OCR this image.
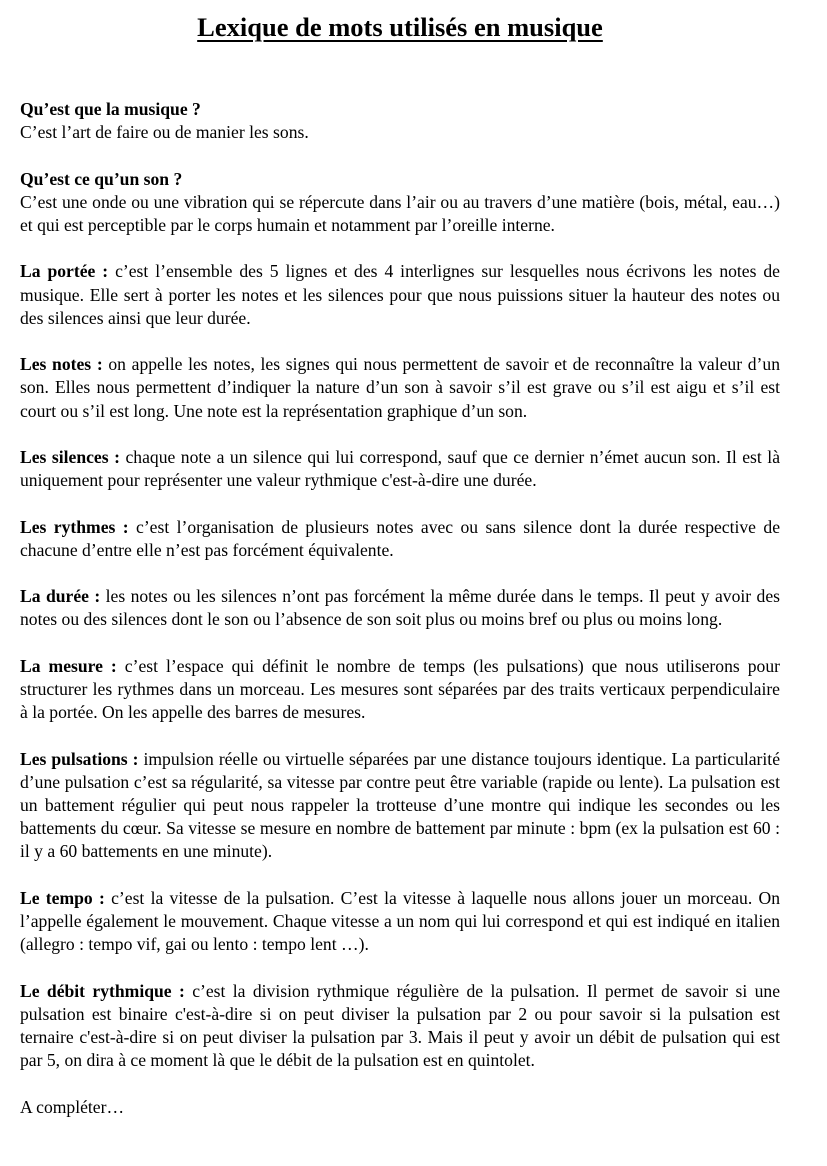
Lexique de mots utilisés en musique
Qu’est que la musique ?
C’est l’art de faire ou de manier les sons.
Qu’est ce qu’un son ?
C’est une onde ou une vibration qui se répercute dans l’air ou au travers d’une matière (bois, métal, eau…) et qui est perceptible par le corps humain et notamment par l’oreille interne.

La portée : c’est l’ensemble des 5 lignes et des 4 interlignes sur lesquelles nous écrivons les notes de musique. Elle sert à porter les notes et les silences pour que nous puissions situer la hauteur des notes ou des silences ainsi que leur durée.

Les notes : on appelle les notes, les signes qui nous permettent de savoir et de reconnaître la valeur d’un son. Elles nous permettent d’indiquer la nature d’un son à savoir s’il est grave ou s’il est aigu et s’il est court ou s’il est long. Une note est la représentation graphique d’un son.

Les silences : chaque note a un silence qui lui correspond, sauf que ce dernier n’émet aucun son. Il est là uniquement pour représenter une valeur rythmique c'est-à-dire une durée.

Les rythmes : c’est l’organisation de plusieurs notes avec ou sans silence dont la durée respective de chacune d’entre elle n’est pas forcément équivalente.

La durée : les notes ou les silences n’ont pas forcément la même durée dans le temps. Il peut y avoir des notes ou des silences dont le son ou l’absence de son soit plus ou moins bref ou plus ou moins long.

La mesure : c’est l’espace qui définit le nombre de temps (les pulsations) que nous utiliserons pour structurer les rythmes dans un morceau. Les mesures sont séparées par des traits verticaux perpendiculaire à la portée. On les appelle des barres de mesures.

Les pulsations : impulsion réelle ou virtuelle séparées par une distance toujours identique. La particularité d’une pulsation c’est sa régularité, sa vitesse par contre peut être variable (rapide ou lente). La pulsation est un battement régulier qui peut nous rappeler la trotteuse d’une montre qui indique les secondes ou les battements du cœur. Sa vitesse se mesure en nombre de battement par minute : bpm (ex la pulsation est 60 : il y a 60 battements en une minute).

Le tempo : c’est la vitesse de la pulsation. C’est la vitesse à laquelle nous allons jouer un morceau. On l’appelle également le mouvement. Chaque vitesse a un nom qui lui correspond et qui est indiqué en italien (allegro : tempo vif, gai ou lento : tempo lent …).

Le débit rythmique : c’est la division rythmique régulière de la pulsation. Il permet de savoir si une pulsation est binaire c'est-à-dire si on peut diviser la pulsation par 2 ou pour savoir si la pulsation est ternaire c'est-à-dire si on peut diviser la pulsation par 3. Mais il peut y avoir un débit de pulsation qui est par 5, on dira à ce moment là que le débit de la pulsation est en quintolet.

A compléter…
